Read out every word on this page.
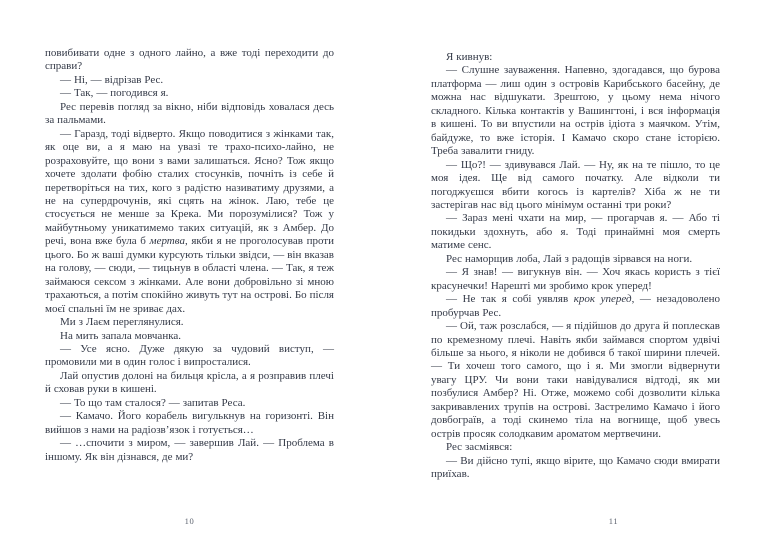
повибивати одне з одного лайно, а вже тоді переходити до справи?

— Ні, — відрізав Рес.

— Так, — погодився я.

Рес перевів погляд за вікно, ніби відповідь ховалася десь за пальмами.

— Гаразд, тоді відверто. Якщо поводитися з жінками так, як оце ви, а я маю на увазі те трахо-психо-лайно, не розраховуйте, що вони з вами залишаться. Ясно? Тож якщо хочете здолати фобію сталих стосунків, почніть із себе й перетворіться на тих, кого з радістю називатиму друзями, а не на супердрочунів, які сцять на жінок. Лаю, тебе це стосується не менше за Крека. Ми порозумілися? Тож у майбутньому уникатимемо таких ситуацій, як з Амбер. До речі, вона вже була б мертва, якби я не проголосував проти цього. Бо ж ваші думки курсують тільки звідси, — він вказав на голову, — сюди, — тицьнув в області члена. — Так, я теж займаюся сексом з жінками. Але вони добровільно зі мною трахаються, а потім спокійно живуть тут на острові. Бо після моєї спальні їм не зриває дах.

Ми з Лаєм переглянулися.

На мить запала мовчанка.

— Усе ясно. Дуже дякую за чудовий виступ, — промовили ми в один голос і випросталися.

Лай опустив долоні на бильця крісла, а я розправив плечі й сховав руки в кишені.

— То що там сталося? — запитав Реса.

— Камачо. Його корабель вигулькнув на горизонті. Він вийшов з нами на радіозв’язок і готується…

— …спочити з миром, — завершив Лай. — Проблема в іншому. Як він дізнався, де ми?

Я кивнув:

— Слушне зауваження. Напевно, здогадався, що бурова платформа — лиш один з островів Карибського басейну, де можна нас відшукати. Зрештою, у цьому нема нічого складного. Кілька контактів у Вашингтоні, і вся інформація в кишені. То ви впустили на острів ідіота з маячком. Утім, байдуже, то вже історія. І Камачо скоро стане історією. Треба завалити гниду.

— Що?! — здивувався Лай. — Ну, як на те пішло, то це моя ідея. Ще від самого початку. Але відколи ти погоджуєшся вбити когось із картелів? Хіба ж не ти застерігав нас від цього мінімум останні три роки?

— Зараз мені чхати на мир, — прогарчав я. — Або ті покидьки здохнуть, або я. Тоді принаймні моя смерть матиме сенс.

Рес наморщив лоба, Лай з радощів зірвався на ноги.

— Я знав! — вигукнув він. — Хоч якась користь з тієї красунечки! Нарешті ми зробимо крок уперед!

— Не так я собі уявляв крок уперед, — незадоволено пробурчав Рес.

— Ой, таж розслабся, — я підійшов до друга й поплескав по кремезному плечі. Навіть якби займався спортом удвічі більше за нього, я ніколи не добився б такої ширини плечей. — Ти хочеш того самого, що і я. Ми змогли відвернути увагу ЦРУ. Чи вони таки навідувалися відтоді, як ми позбулися Амбер? Ні. Отже, можемо собі дозволити кілька закривавлених трупів на острові. Застрелимо Камачо і його довбограїв, а тоді скинемо тіла на вогнище, щоб увесь острів просяк солодкавим ароматом мертвечини.

Рес засміявся:

— Ви дійсно тупі, якщо вірите, що Камачо сюди вмирати приїхав.

10	11
